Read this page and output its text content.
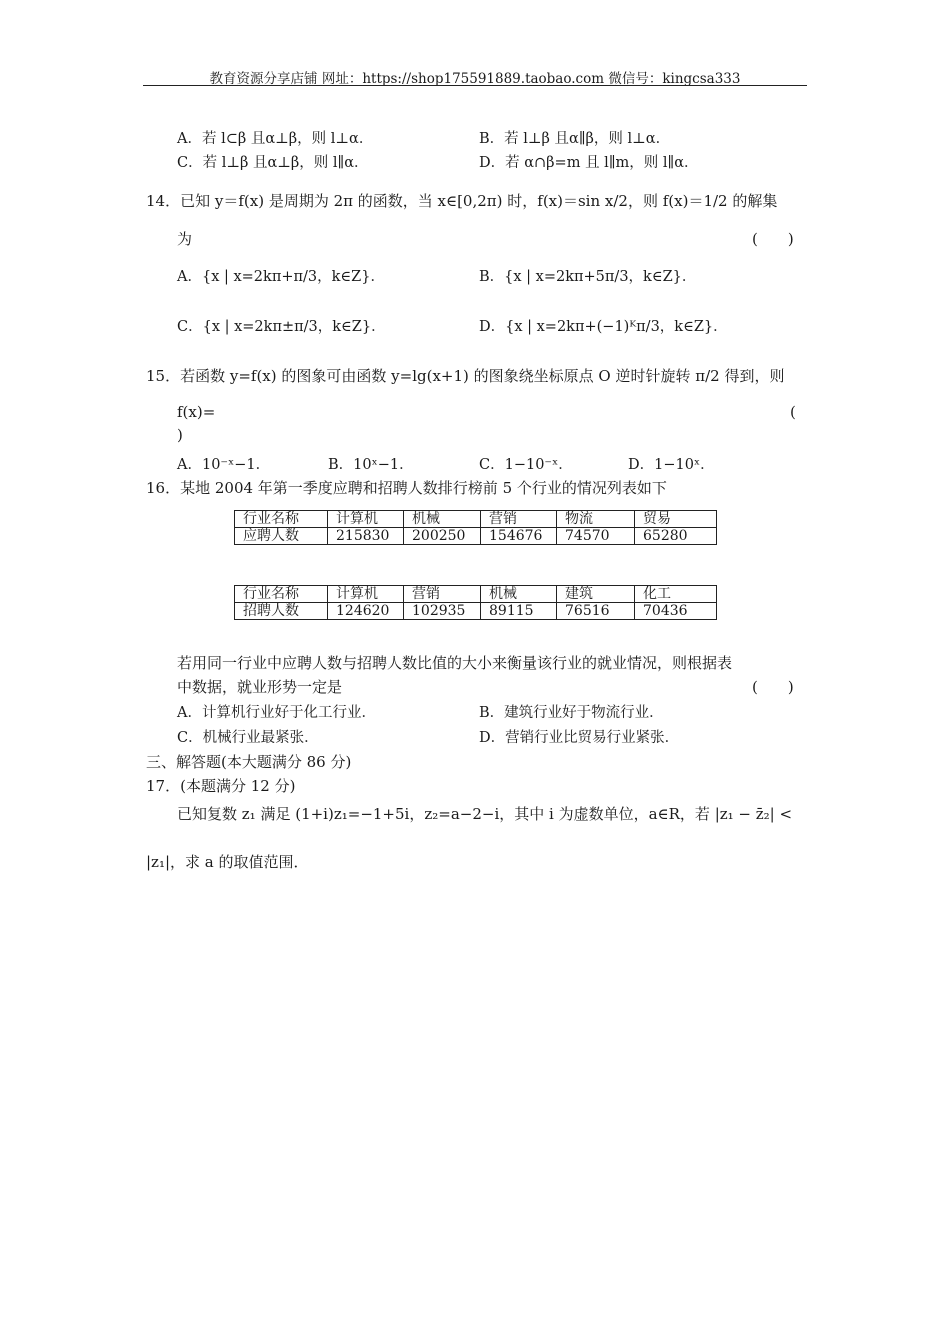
教育资源分享店铺 网址：https://shop175591889.taobao.com 微信号：kingcsa333
A．若 l⊂β 且α⊥β，则 l⊥α．	B．若 l⊥β 且α∥β，则 l⊥α．
C．若 l⊥β 且α⊥β，则 l∥α．	D．若 α∩β=m 且 l∥m，则 l∥α．
14．已知 y＝f(x) 是周期为 2π 的函数，当 x∈[0,2π) 时，f(x)＝sin x/2，则 f(x)＝1/2 的解集
为	(　　)
A．{x | x=2kπ+π/3，k∈Z}．	B．{x | x=2kπ+5π/3，k∈Z}．
C．{x | x=2kπ±π/3，k∈Z}．	D．{x | x=2kπ+(−1)ᴷπ/3，k∈Z}．
15．若函数 y=f(x) 的图象可由函数 y=lg(x+1) 的图象绕坐标原点 O 逆时针旋转 π/2 得到，则
f(x)=	(
)
A．10⁻ˣ−1．	B．10ˣ−1．	C．1−10⁻ˣ．	D．1−10ˣ．
16．某地 2004 年第一季度应聘和招聘人数排行榜前 5 个行业的情况列表如下
行业名称	计算机	机械	营销	物流	贸易
应聘人数	215830	200250	154676	74570	65280
行业名称	计算机	营销	机械	建筑	化工
招聘人数	124620	102935	89115	76516	70436
若用同一行业中应聘人数与招聘人数比值的大小来衡量该行业的就业情况，则根据表
中数据，就业形势一定是	(　　)
A．计算机行业好于化工行业．	B．建筑行业好于物流行业．
C．机械行业最紧张．	D．营销行业比贸易行业紧张．
三、解答题(本大题满分 86 分)
17．(本题满分 12 分)
已知复数 z₁ 满足 (1+i)z₁=−1+5i，z₂=a−2−i，其中 i 为虚数单位，a∈R，若 |z₁ − z̄₂| <
|z₁|，求 a 的取值范围．
